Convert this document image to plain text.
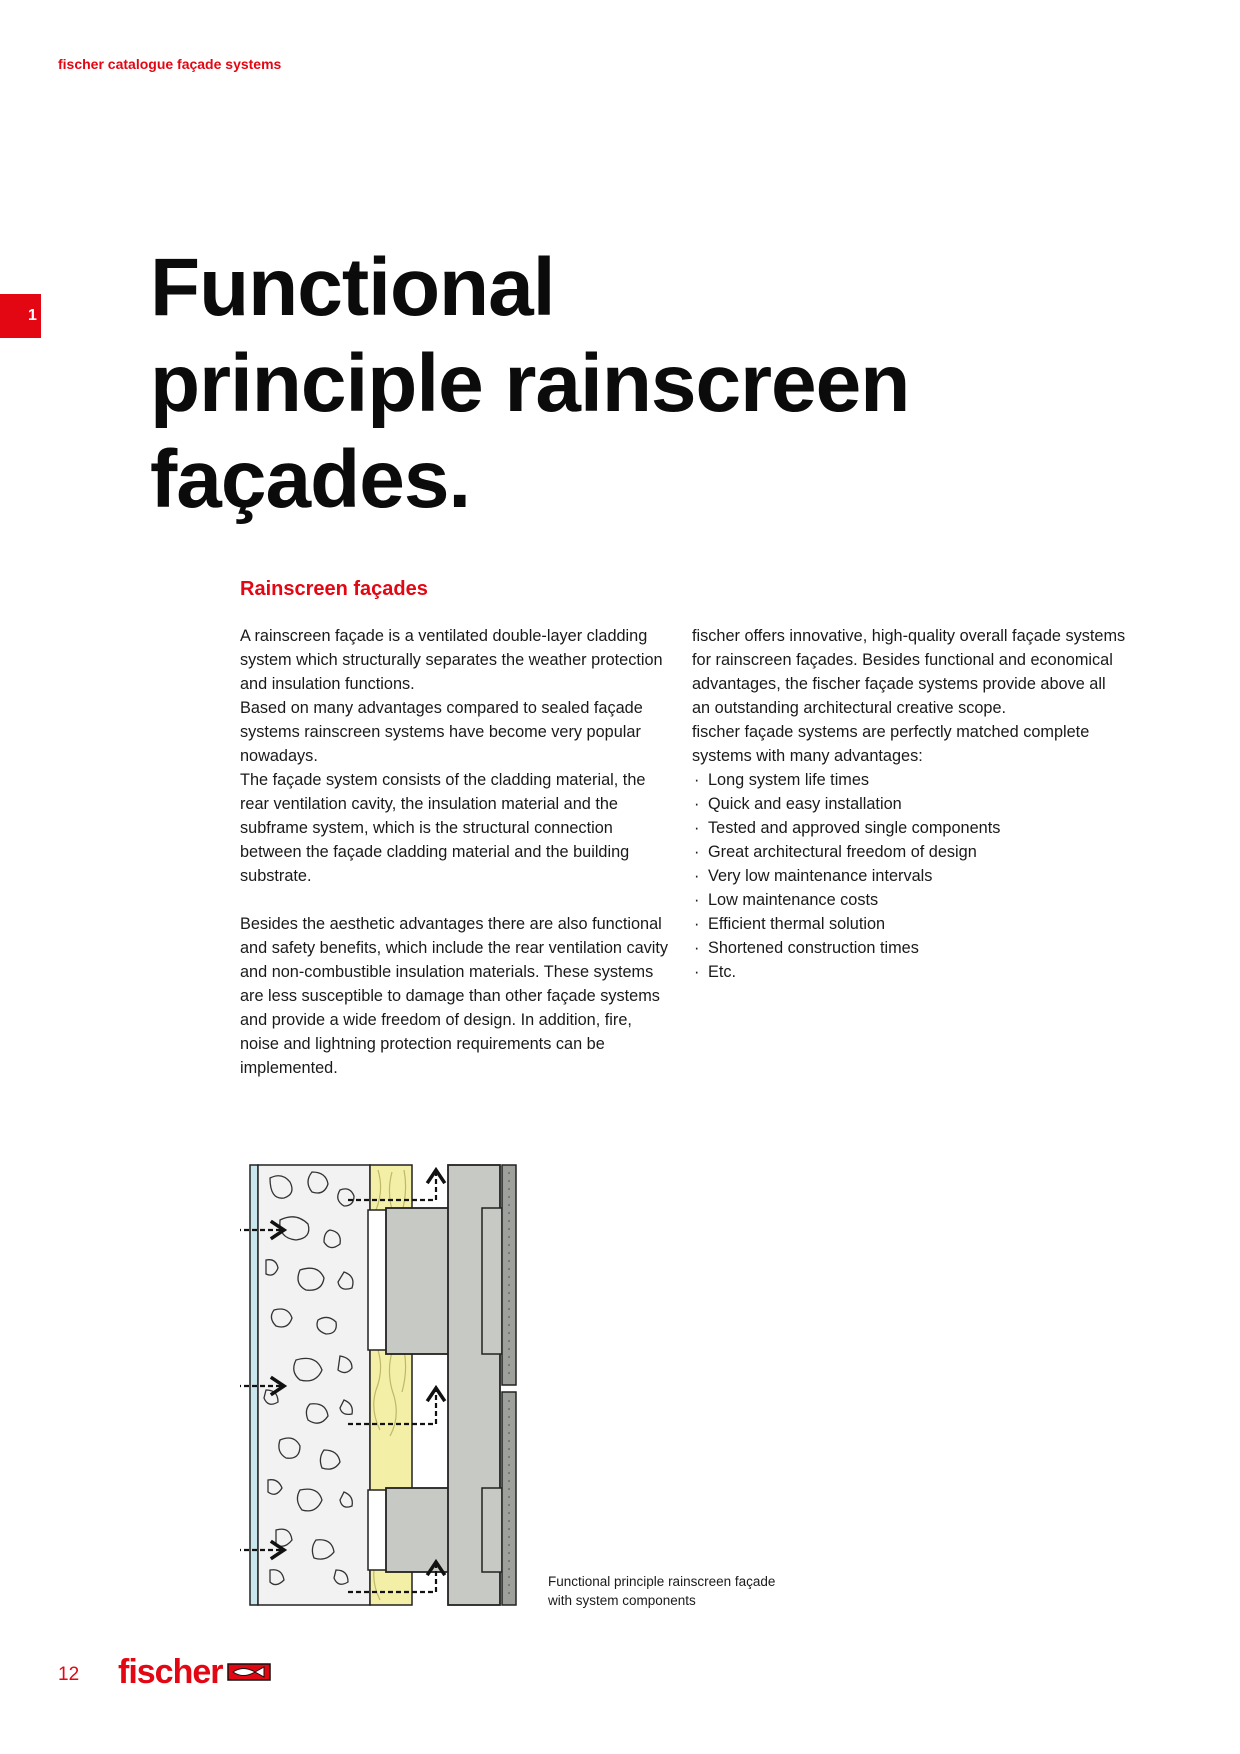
fischer catalogue façade systems
1 Functional
principle rainscreen
façades.
Rainscreen façades

A rainscreen façade is a ventilated double-layer cladding system which structurally separates the weather protection and insulation functions.

Based on many advantages compared to sealed façade systems rainscreen systems have become very popular nowadays.

The façade system consists of the cladding material, the rear ventilation cavity, the insulation material and the subframe system, which is the structural connection between the façade cladding material and the building substrate.

Besides the aesthetic advantages there are also functional and safety benefits, which include the rear ventilation cavity and non-combustible insulation materials. These systems are less susceptible to damage than other façade systems and provide a wide freedom of design. In addition, fire, noise and lightning protection requirements can be implemented.

fischer offers innovative, high-quality overall façade systems for rainscreen façades. Besides functional and economical advantages, the fischer façade systems provide above all an outstanding architectural creative scope.

fischer façade systems are perfectly matched complete systems with many advantages:

· Long system life times
· Quick and easy installation
· Tested and approved single components
· Great architectural freedom of design
· Very low maintenance intervals
· Low maintenance costs
· Efficient thermal solution
· Shortened construction times
· Etc.

Functional principle rainscreen façade with system components

12 fischer
